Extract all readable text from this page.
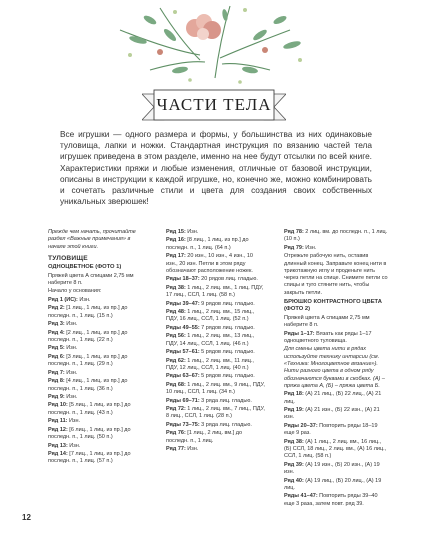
ЧАСТИ ТЕЛА
Все игрушки — одного размера и формы, у большинства из них одинаковые туловища, лапки и ножки. Стандартная инструкция по вязанию частей тела игрушек приведена в этом разделе, именно на нее будут отсылки по всей книге. Характеристики пряжи и любые изменения, отличные от базовой инструкции, описаны в инструкции к каждой игрушке, но, конечно же, можно комбинировать и сочетать различные стили и цвета для создания своих собственных уникальных зверюшек!

Прежде чем начать, прочитайте раздел «Важные примечания» в начале этой книги.

ТУЛОВИЩЕ

ОДНОЦВЕТНОЕ (ФОТО 1)

Пряжей цвета А спицами 2,75 мм наберите 8 п.

Начало у основания:

Ряд 1 (ИС): Изн.

Ряд 2: [1 лиц., 1 лиц. из пр.] до последн. п., 1 лиц. (15 п.)

Ряд 3: Изн.

Ряд 4: [2 лиц., 1 лиц. из пр.] до последн. п., 1 лиц. (22 п.)

Ряд 5: Изн.

Ряд 6: [3 лиц., 1 лиц. из пр.] до последн. п., 1 лиц. (29 п.)

Ряд 7: Изн.

Ряд 8: [4 лиц., 1 лиц. из пр.] до последн. п., 1 лиц. (36 п.)

Ряд 9: Изн.

Ряд 10: [5 лиц., 1 лиц. из пр.] до последн. п., 1 лиц. (43 п.)

Ряд 11: Изн.

Ряд 12: [6 лиц., 1 лиц. из пр.] до последн. п., 1 лиц. (50 п.)

Ряд 13: Изн.

Ряд 14: [7 лиц., 1 лиц. из пр.] до последн. п., 1 лиц. (57 п.)

Ряд 15: Изн.

Ряд 16: [8 лиц., 1 лиц. из пр.] до последн. п., 1 лиц. (64 п.)

Ряд 17: 20 изн., 10 изн., 4 изн., 10 изн., 20 изн. Петли в этом ряду обозначают расположение ножек.

Ряды 18–37: 20 рядов лиц. гладью.

Ряд 38: 1 лиц., 2 лиц. вм., 1 лиц. ПДУ, 17 лиц., ССЛ, 1 лиц. (58 п.)

Ряды 39–47: 9 рядов лиц. гладью.

Ряд 48: 1 лиц., 2 лиц. вм., 15 лиц., ПДУ, 16 лиц., ССЛ, 1 лиц. (52 п.)

Ряды 49–55: 7 рядов лиц. гладью.

Ряд 56: 1 лиц., 2 лиц. вм., 13 лиц., ПДУ, 14 лиц., ССЛ, 1 лиц. (46 п.)

Ряды 57–61: 5 рядов лиц. гладью.

Ряд 62: 1 лиц., 2 лиц. вм., 11 лиц., ПДУ, 12 лиц., ССЛ, 1 лиц. (40 п.)

Ряды 63–67: 5 рядов лиц. гладью.

Ряд 68: 1 лиц., 2 лиц. вм., 9 лиц., ПДУ, 10 лиц., ССЛ, 1 лиц. (34 п.)

Ряды 69–71: 3 ряда лиц. гладью.

Ряд 72: 1 лиц., 2 лиц. вм., 7 лиц., ПДУ, 8 лиц., ССЛ, 1 лиц. (28 п.)

Ряды 73–75: 3 ряда лиц. гладью.

Ряд 76: [1 лиц., 2 лиц. вм.] до последн. п., 1 лиц.

Ряд 77: Изн.

Ряд 78: 2 лиц. вм. до последн. п., 1 лиц. (10 п.)

Ряд 79: Изн.

Отрежьте рабочую нить, оставив длинный конец. Заправьте конец нити в трикотажную иглу и проденьте нить через петли на спице. Снимите петли со спицы и туго стяните нить, чтобы закрыть петли.

БРЮШКО КОНТРАСТНОГО ЦВЕТА (ФОТО 2)

Пряжей цвета А спицами 2,75 мм наберите 8 п.

Ряды 1–17: Вязать как ряды 1–17 одноцветного туловища.

Для смены цвета нити в рядах используйте технику интарсии (см. «Техника: Многоцветное вязание»). Нити разного цвета в одном ряду обозначаются буквами в скобках. (А) – пряжа цвета А, (Б) – пряжа цвета Б.

Ряд 18: (А) 21 лиц., (Б) 22 лиц., (А) 21 лиц.

Ряд 19: (А) 21 изн., (Б) 22 изн., (А) 21 изн.

Ряды 20–37: Повторить ряды 18–19 еще 9 раз.

Ряд 38: (А) 1 лиц., 2 лиц. вм., 16 лиц., (Б) ССЛ, 18 лиц., 2 лиц. вм., (А) 16 лиц., ССЛ, 1 лиц. (58 п.)

Ряд 39: (А) 19 изн., (Б) 20 изн., (А) 19 изн.

Ряд 40: (А) 19 лиц., (Б) 20 лиц., (А) 19 лиц.

Ряды 41–47: Повторить ряды 39–40 еще 3 раза, затем повт. ряд 39.

12
